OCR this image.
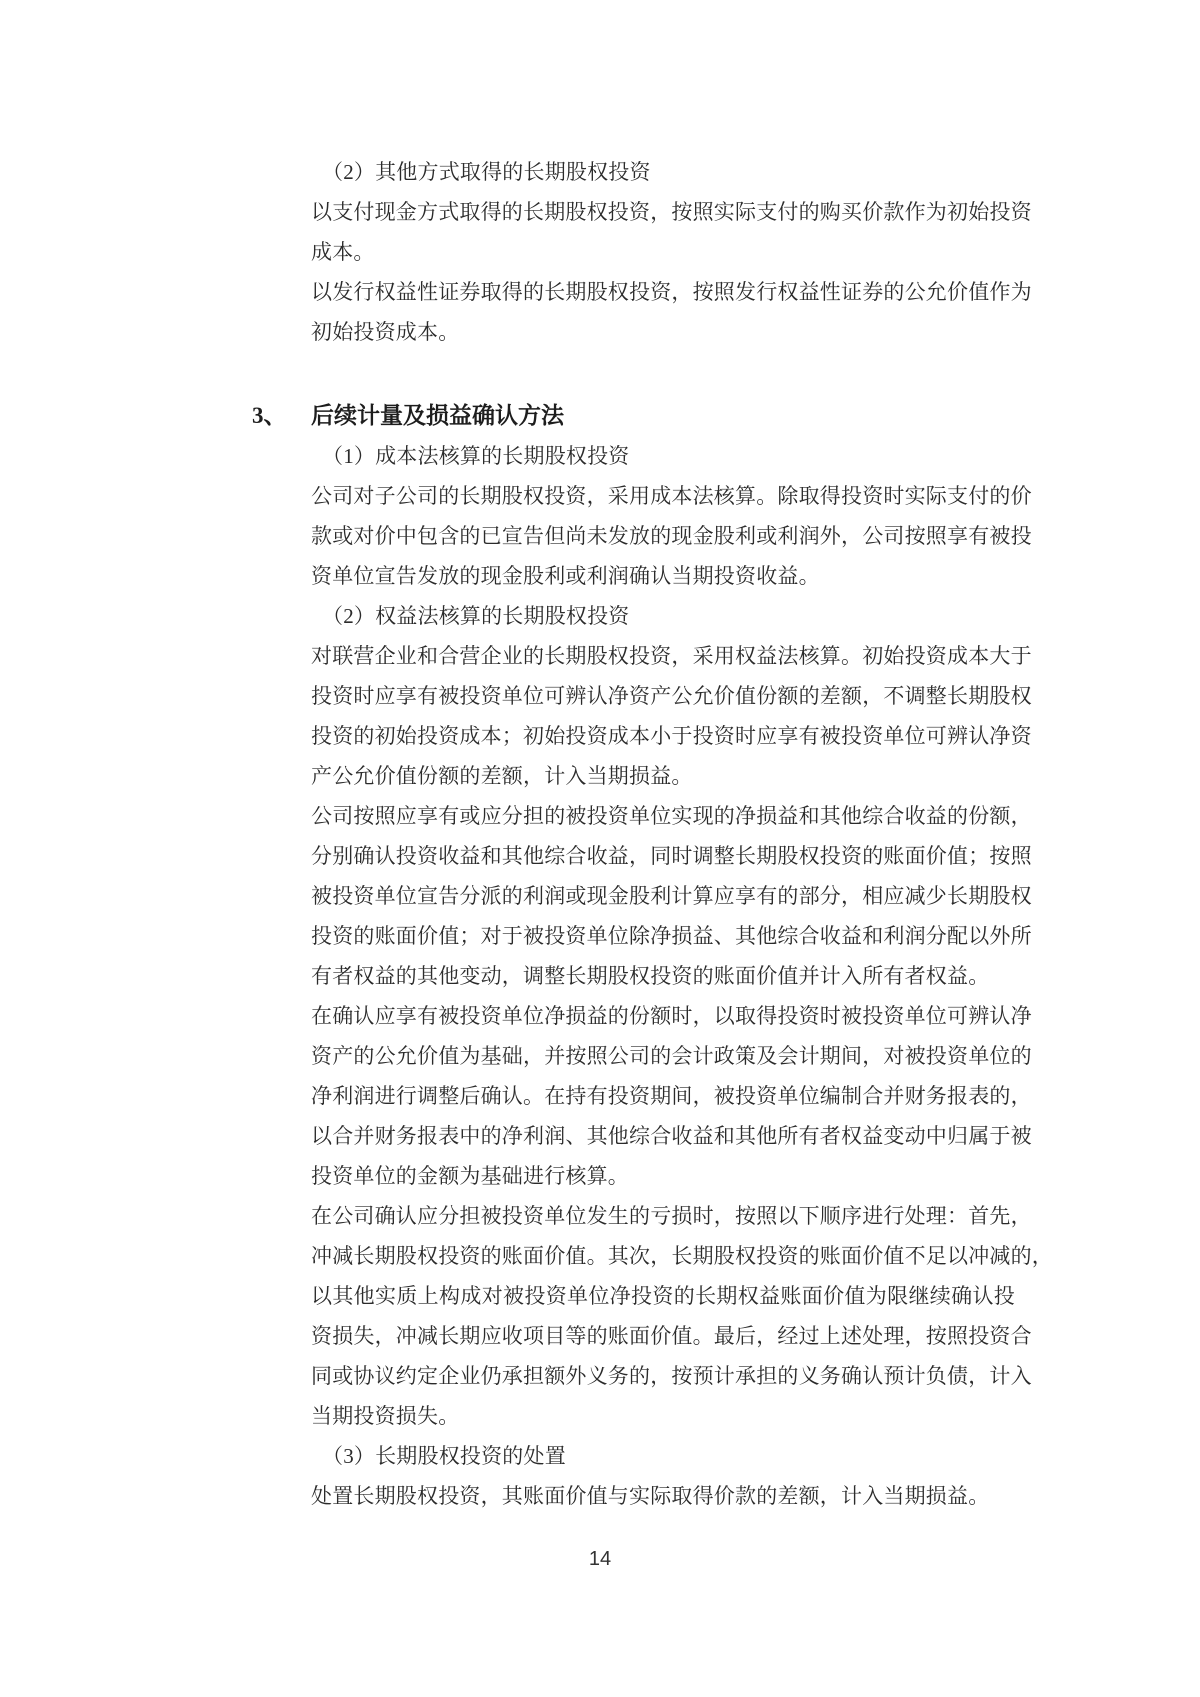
（2）其他方式取得的长期股权投资

以支付现金方式取得的长期股权投资，按照实际支付的购买价款作为初始投资

成本。

以发行权益性证券取得的长期股权投资，按照发行权益性证券的公允价值作为

初始投资成本。

3、 后续计量及损益确认方法

（1）成本法核算的长期股权投资

公司对子公司的长期股权投资，采用成本法核算。除取得投资时实际支付的价

款或对价中包含的已宣告但尚未发放的现金股利或利润外，公司按照享有被投

资单位宣告发放的现金股利或利润确认当期投资收益。

（2）权益法核算的长期股权投资

对联营企业和合营企业的长期股权投资，采用权益法核算。初始投资成本大于

投资时应享有被投资单位可辨认净资产公允价值份额的差额，不调整长期股权

投资的初始投资成本；初始投资成本小于投资时应享有被投资单位可辨认净资

产公允价值份额的差额，计入当期损益。

公司按照应享有或应分担的被投资单位实现的净损益和其他综合收益的份额，

分别确认投资收益和其他综合收益，同时调整长期股权投资的账面价值；按照

被投资单位宣告分派的利润或现金股利计算应享有的部分，相应减少长期股权

投资的账面价值；对于被投资单位除净损益、其他综合收益和利润分配以外所

有者权益的其他变动，调整长期股权投资的账面价值并计入所有者权益。

在确认应享有被投资单位净损益的份额时，以取得投资时被投资单位可辨认净

资产的公允价值为基础，并按照公司的会计政策及会计期间，对被投资单位的

净利润进行调整后确认。在持有投资期间，被投资单位编制合并财务报表的，

以合并财务报表中的净利润、其他综合收益和其他所有者权益变动中归属于被

投资单位的金额为基础进行核算。

在公司确认应分担被投资单位发生的亏损时，按照以下顺序进行处理：首先，

冲减长期股权投资的账面价值。其次，长期股权投资的账面价值不足以冲减的，

以其他实质上构成对被投资单位净投资的长期权益账面价值为限继续确认投

资损失，冲减长期应收项目等的账面价值。最后，经过上述处理，按照投资合

同或协议约定企业仍承担额外义务的，按预计承担的义务确认预计负债，计入

当期投资损失。

（3）长期股权投资的处置

处置长期股权投资，其账面价值与实际取得价款的差额，计入当期损益。

14
